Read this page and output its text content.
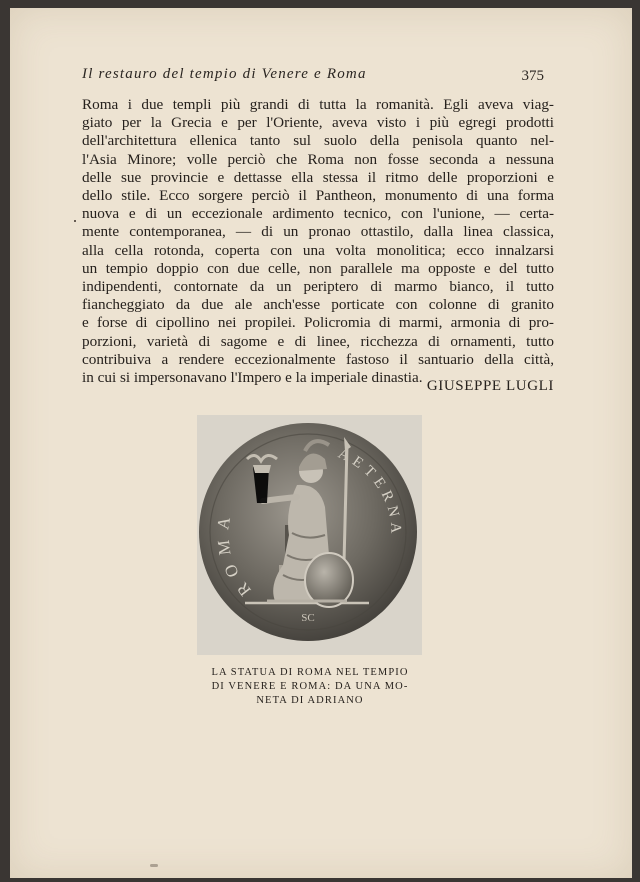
Il restauro del tempio di Venere e Roma	375

Roma i due templi più grandi di tutta la romanità. Egli aveva viag-
giato per la Grecia e per l'Oriente, aveva visto i più egregi prodotti
dell'architettura ellenica tanto sul suolo della penisola quanto nel-
l'Asia Minore; volle perciò che Roma non fosse seconda a nessuna
delle sue provincie e dettasse ella stessa il ritmo delle proporzioni e
dello stile. Ecco sorgere perciò il Pantheon, monumento di una forma
nuova e di un eccezionale ardimento tecnico, con l'unione, — certa-
mente contemporanea, — di un pronao ottastilo, dalla linea classica,
alla cella rotonda, coperta con una volta monolitica; ecco innalzarsi
un tempio doppio con due celle, non parallele ma opposte e del tutto
indipendenti, contornate da un periptero di marmo bianco, il tutto
fiancheggiato da due ale anch'esse porticate con colonne di granito
e forse di cipollino nei propilei. Policromia di marmi, armonia di pro-
porzioni, varietà di sagome e di linee, ricchezza di ornamenti, tutto
contribuiva a rendere eccezionalmente fastoso il santuario della città,
in cui si impersonavano l'Impero e la imperiale dinastia. GIUSEPPE LUGLI
ROMA
ETERNA
SC
LA STATUA DI ROMA NEL TEMPIO
DI VENERE E ROMA: DA UNA MO-
NETA DI ADRIANO
